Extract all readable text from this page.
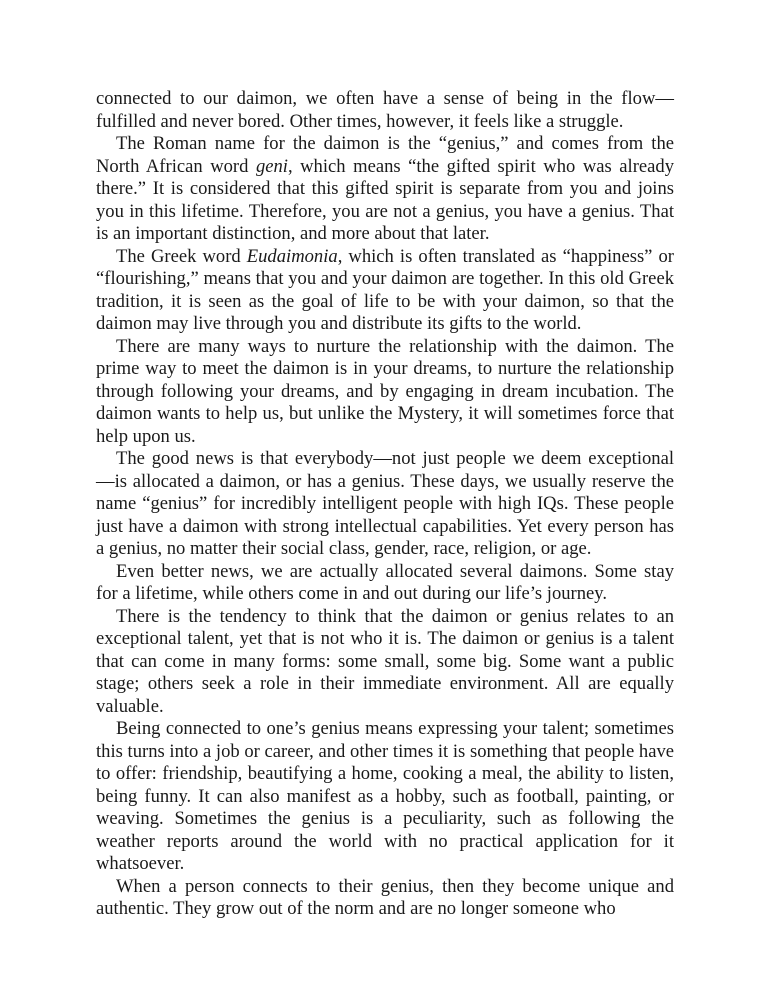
connected to our daimon, we often have a sense of being in the flow—fulfilled and never bored. Other times, however, it feels like a struggle.

The Roman name for the daimon is the “genius,” and comes from the North African word geni, which means “the gifted spirit who was already there.” It is considered that this gifted spirit is separate from you and joins you in this lifetime. Therefore, you are not a genius, you have a genius. That is an important distinction, and more about that later.

The Greek word Eudaimonia, which is often translated as “happiness” or “flourishing,” means that you and your daimon are together. In this old Greek tradition, it is seen as the goal of life to be with your daimon, so that the daimon may live through you and distribute its gifts to the world.

There are many ways to nurture the relationship with the daimon. The prime way to meet the daimon is in your dreams, to nurture the relationship through following your dreams, and by engaging in dream incubation. The daimon wants to help us, but unlike the Mystery, it will sometimes force that help upon us.

The good news is that everybody—not just people we deem exceptional —is allocated a daimon, or has a genius. These days, we usually reserve the name “genius” for incredibly intelligent people with high IQs. These people just have a daimon with strong intellectual capabilities. Yet every person has a genius, no matter their social class, gender, race, religion, or age.

Even better news, we are actually allocated several daimons. Some stay for a lifetime, while others come in and out during our life’s journey.

There is the tendency to think that the daimon or genius relates to an exceptional talent, yet that is not who it is. The daimon or genius is a talent that can come in many forms: some small, some big. Some want a public stage; others seek a role in their immediate environment. All are equally valuable.

Being connected to one’s genius means expressing your talent; sometimes this turns into a job or career, and other times it is something that people have to offer: friendship, beautifying a home, cooking a meal, the ability to listen, being funny. It can also manifest as a hobby, such as football, painting, or weaving. Sometimes the genius is a peculiarity, such as following the weather reports around the world with no practical application for it whatsoever.

When a person connects to their genius, then they become unique and authentic. They grow out of the norm and are no longer someone who
